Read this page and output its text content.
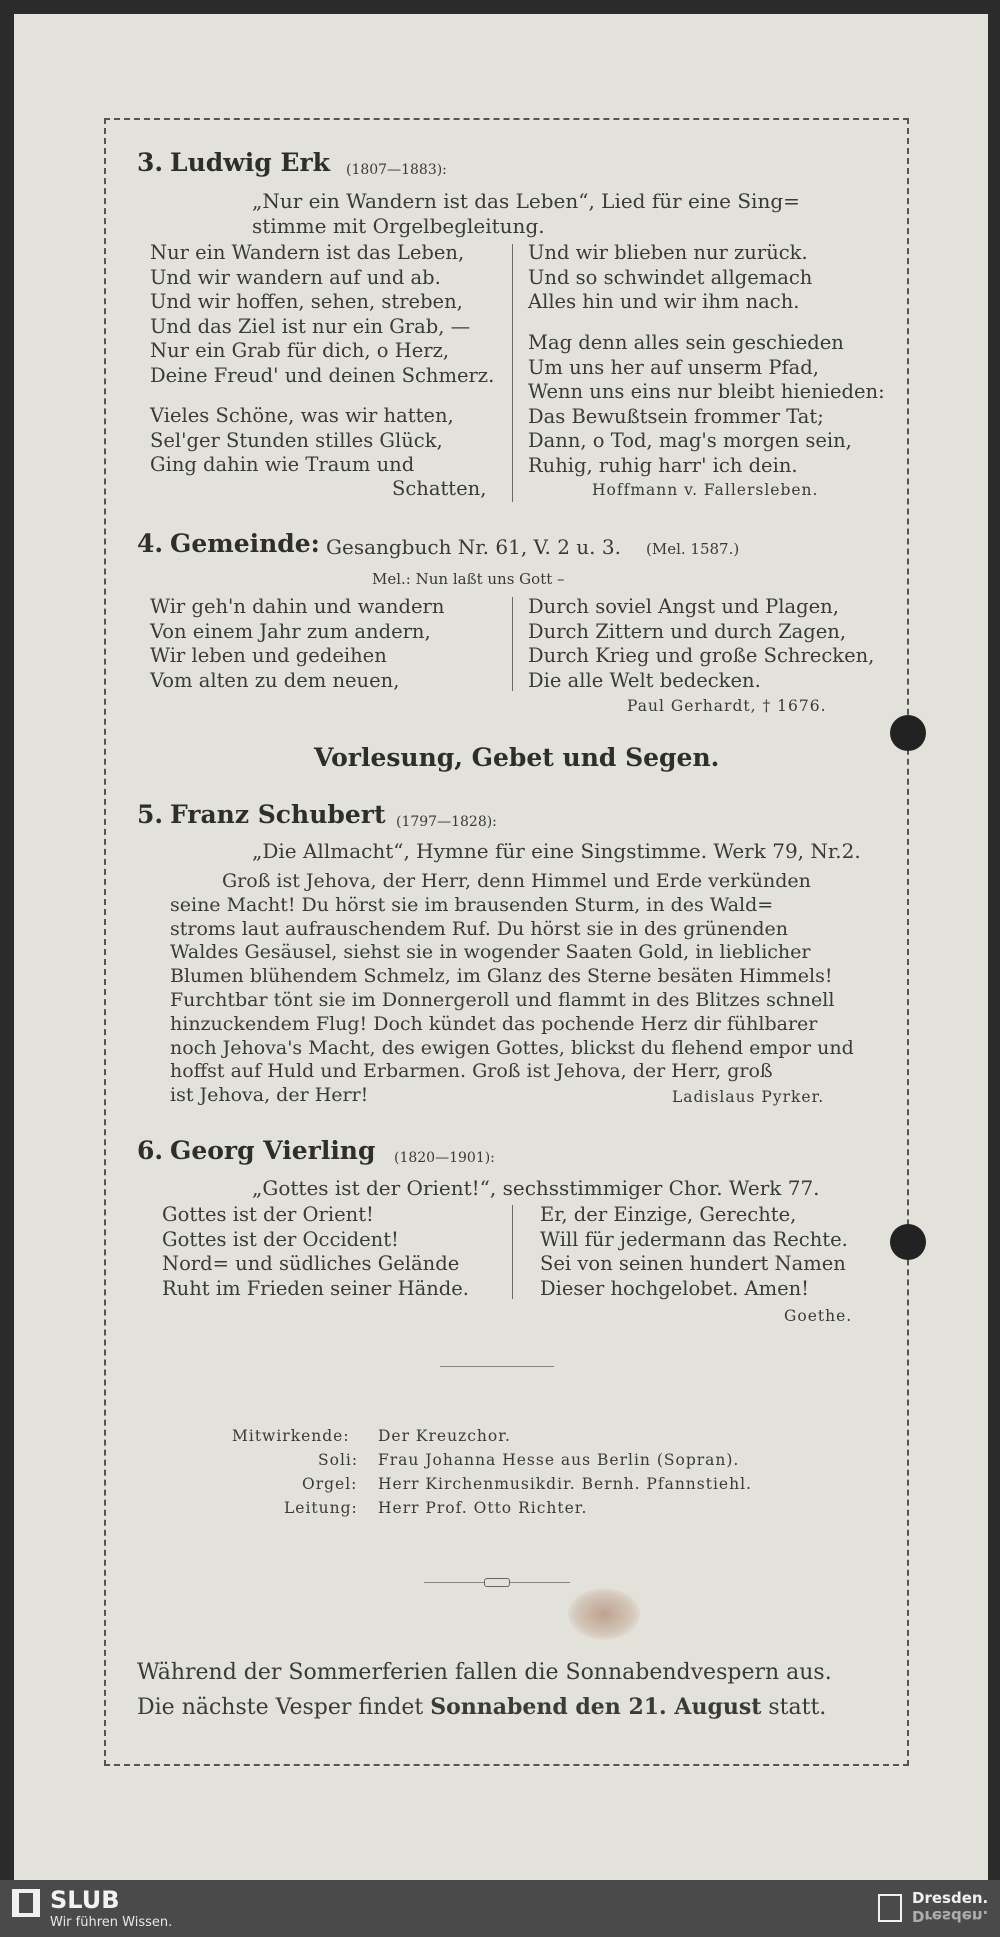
3. Ludwig Erk (1807—1883):
„Nur ein Wandern ist das Leben“, Lied für eine Sing=
stimme mit Orgelbegleitung.
Nur ein Wandern ist das Leben,
Und wir wandern auf und ab.
Und wir hoffen, sehen, streben,
Und das Ziel ist nur ein Grab, —
Nur ein Grab für dich, o Herz,
Deine Freud' und deinen Schmerz.
Vieles Schöne, was wir hatten,
Sel'ger Stunden stilles Glück,
Ging dahin wie Traum und
Schatten,
Und wir blieben nur zurück.
Und so schwindet allgemach
Alles hin und wir ihm nach.
Mag denn alles sein geschieden
Um uns her auf unserm Pfad,
Wenn uns eins nur bleibt hienieden:
Das Bewußtsein frommer Tat;
Dann, o Tod, mag's morgen sein,
Ruhig, ruhig harr' ich dein.
Hoffmann v. Fallersleben.
4. Gemeinde: Gesangbuch Nr. 61, V. 2 u. 3. (Mel. 1587.)
Mel.: Nun laßt uns Gott –
Wir geh'n dahin und wandern
Von einem Jahr zum andern,
Wir leben und gedeihen
Vom alten zu dem neuen,
Durch soviel Angst und Plagen,
Durch Zittern und durch Zagen,
Durch Krieg und große Schrecken,
Die alle Welt bedecken.
Paul Gerhardt, † 1676.
Vorlesung, Gebet und Segen.
5. Franz Schubert (1797—1828):
„Die Allmacht“, Hymne für eine Singstimme. Werk 79, Nr.2.
Groß ist Jehova, der Herr, denn Himmel und Erde verkünden
seine Macht! Du hörst sie im brausenden Sturm, in des Wald=
stroms laut aufrauschendem Ruf. Du hörst sie in des grünenden
Waldes Gesäusel, siehst sie in wogender Saaten Gold, in lieblicher
Blumen blühendem Schmelz, im Glanz des Sterne besäten Himmels!
Furchtbar tönt sie im Donnergeroll und flammt in des Blitzes schnell
hinzuckendem Flug! Doch kündet das pochende Herz dir fühlbarer
noch Jehova's Macht, des ewigen Gottes, blickst du flehend empor und
hoffst auf Huld und Erbarmen. Groß ist Jehova, der Herr, groß
ist Jehova, der Herr!	Ladislaus Pyrker.
6. Georg Vierling (1820—1901):
„Gottes ist der Orient!“, sechsstimmiger Chor. Werk 77.
Gottes ist der Orient!
Gottes ist der Occident!
Nord= und südliches Gelände
Ruht im Frieden seiner Hände.
Er, der Einzige, Gerechte,
Will für jedermann das Rechte.
Sei von seinen hundert Namen
Dieser hochgelobet. Amen!
Goethe.
Mitwirkende: Der Kreuzchor.
Soli: Frau Johanna Hesse aus Berlin (Sopran).
Orgel: Herr Kirchenmusikdir. Bernh. Pfannstiehl.
Leitung: Herr Prof. Otto Richter.
Während der Sommerferien fallen die Sonnabendvespern aus.
Die nächste Vesper findet Sonnabend den 21. August statt.
SLUB
Wir führen Wissen.
Dresden.
Dresden.
